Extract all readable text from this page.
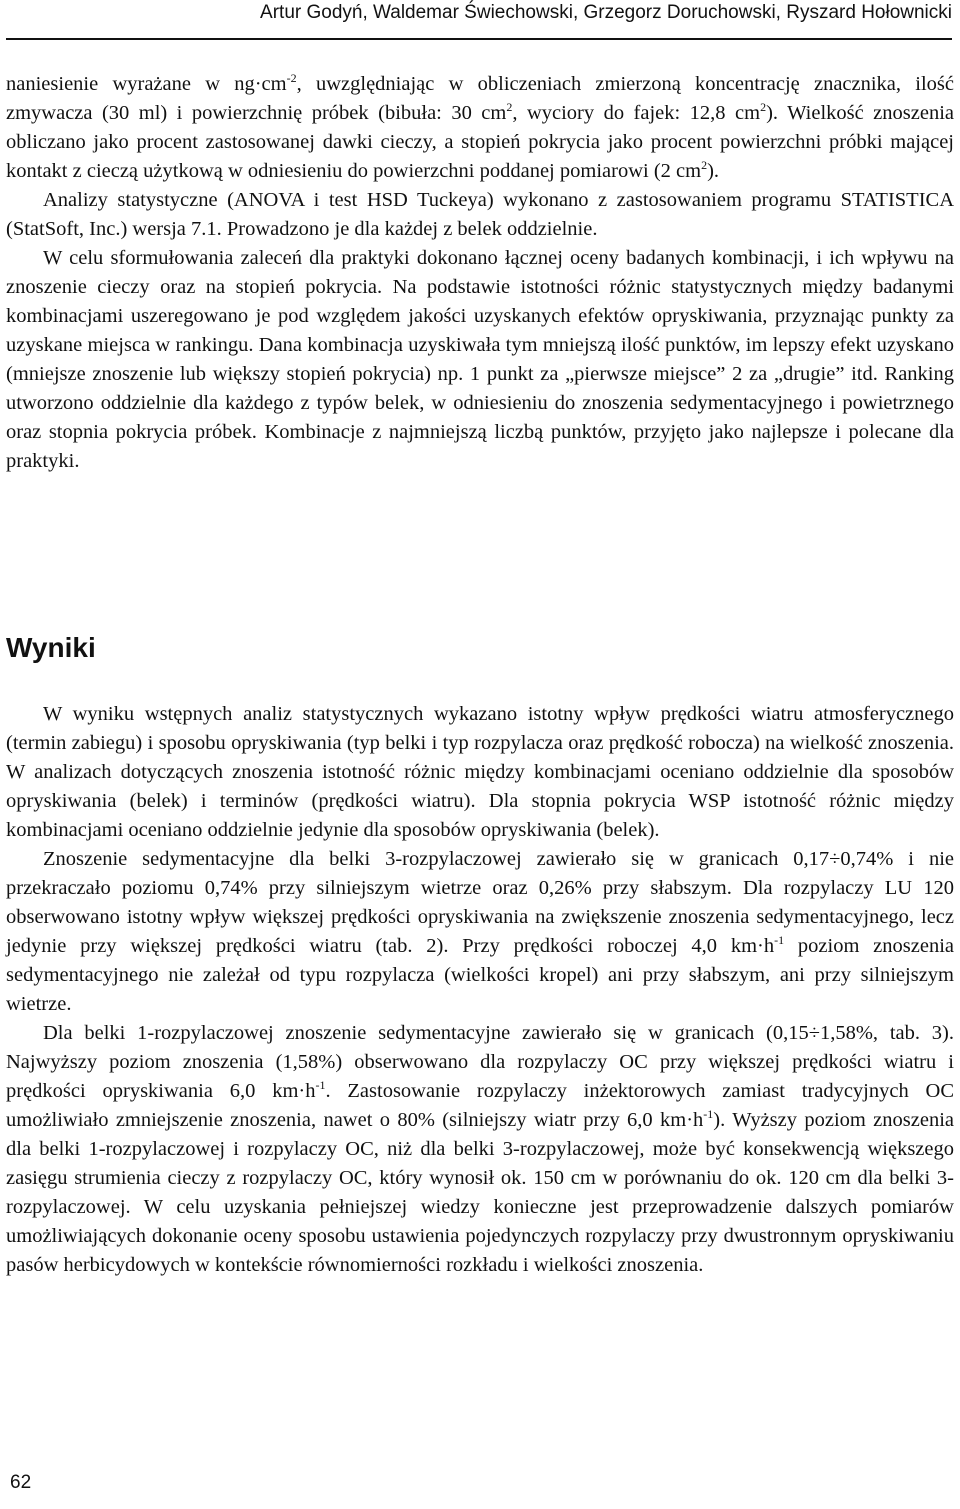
Artur Godyń, Waldemar Świechowski, Grzegorz Doruchowski, Ryszard Hołownicki

naniesienie wyrażane w $ng\cdot cm^{-2}$, uwzględniając w obliczeniach zmierzoną koncentrację znacznika, ilość zmywacza (30 ml) i powierzchnię próbek (bibuła: 30 $cm^2$, wyciory do fajek: 12,8 $cm^2$). Wielkość znoszenia obliczano jako procent zastosowanej dawki cieczy, a stopień pokrycia jako procent powierzchni próbki mającej kontakt z cieczą użytkową w odniesieniu do powierzchni poddanej pomiarowi (2 $cm^2$).

Analizy statystyczne (ANOVA i test HSD Tuckeya) wykonano z zastosowaniem programu STATISTICA (StatSoft, Inc.) wersja 7.1. Prowadzono je dla każdej z belek oddzielnie.

W celu sformułowania zaleceń dla praktyki dokonano łącznej oceny badanych kombinacji, i ich wpływu na znoszenie cieczy oraz na stopień pokrycia. Na podstawie istotności różnic statystycznych między badanymi kombinacjami uszeregowano je pod względem jakości uzyskanych efektów opryskiwania, przyznając punkty za uzyskane miejsca w rankingu. Dana kombinacja uzyskiwała tym mniejszą ilość punktów, im lepszy efekt uzyskano (mniejsze znoszenie lub większy stopień pokrycia) np. 1 punkt za „pierwsze miejsce” 2 za „drugie” itd. Ranking utworzono oddzielnie dla każdego z typów belek, w odniesieniu do znoszenia sedymentacyjnego i powietrznego oraz stopnia pokrycia próbek. Kombinacje z najmniejszą liczbą punktów, przyjęto jako najlepsze i polecane dla praktyki.

Wyniki

W wyniku wstępnych analiz statystycznych wykazano istotny wpływ prędkości wiatru atmosferycznego (termin zabiegu) i sposobu opryskiwania (typ belki i typ rozpylacza oraz prędkość robocza) na wielkość znoszenia. W analizach dotyczących znoszenia istotność różnic między kombinacjami oceniano oddzielnie dla sposobów opryskiwania (belek) i terminów (prędkości wiatru). Dla stopnia pokrycia WSP istotność różnic między kombinacjami oceniano oddzielnie jedynie dla sposobów opryskiwania (belek).

Znoszenie sedymentacyjne dla belki 3-rozpylaczowej zawierało się w granicach 0,17÷0,74% i nie przekraczało poziomu 0,74% przy silniejszym wietrze oraz 0,26% przy słabszym. Dla rozpylaczy LU 120 obserwowano istotny wpływ większej prędkości opryskiwania na zwiększenie znoszenia sedymentacyjnego, lecz jedynie przy większej prędkości wiatru (tab. 2). Przy prędkości roboczej 4,0 $km\cdot h^{-1}$ poziom znoszenia sedymentacyjnego nie zależał od typu rozpylacza (wielkości kropel) ani przy słabszym, ani przy silniejszym wietrze.

Dla belki 1-rozpylaczowej znoszenie sedymentacyjne zawierało się w granicach (0,15÷1,58%, tab. 3). Najwyższy poziom znoszenia (1,58%) obserwowano dla rozpylaczy OC przy większej prędkości wiatru i prędkości opryskiwania 6,0 $km\cdot h^{-1}$. Zastosowanie rozpylaczy inżektorowych zamiast tradycyjnych OC umożliwiało zmniejszenie znoszenia, nawet o 80% (silniejszy wiatr przy 6,0 $km\cdot h^{-1}$). Wyższy poziom znoszenia dla belki 1-rozpylaczowej i rozpylaczy OC, niż dla belki 3-rozpylaczowej, może być konsekwencją większego zasięgu strumienia cieczy z rozpylaczy OC, który wynosił ok. 150 cm w porównaniu do ok. 120 cm dla belki 3-rozpylaczowej. W celu uzyskania pełniejszej wiedzy konieczne jest przeprowadzenie dalszych pomiarów umożliwiających dokonanie oceny sposobu ustawienia pojedynczych rozpylaczy przy dwustronnym opryskiwaniu pasów herbicydowych w kontekście równomierności rozkładu i wielkości znoszenia.

62
